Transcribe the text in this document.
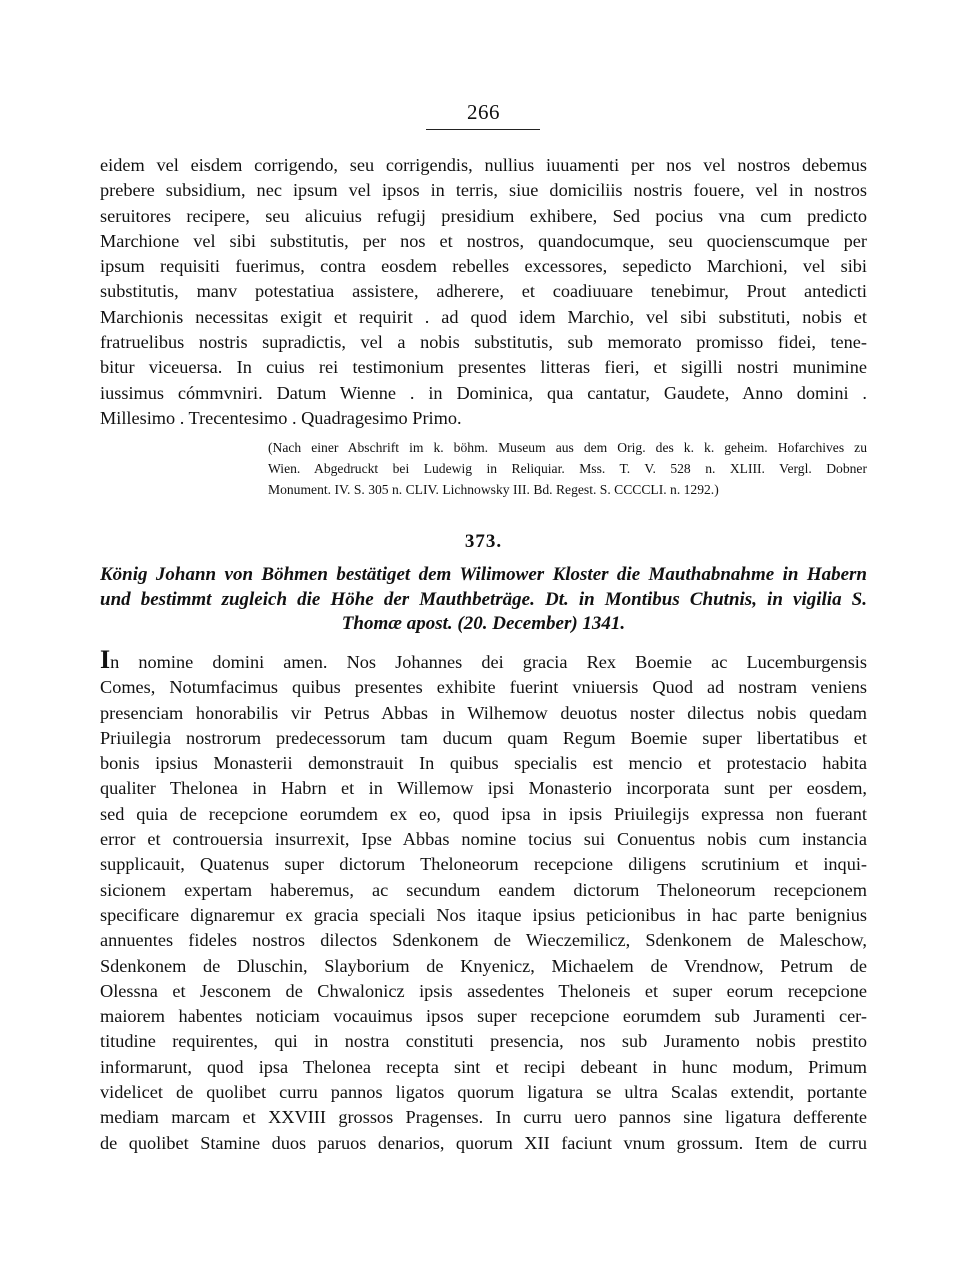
266
eidem vel eisdem corrigendo, seu corrigendis, nullius iuuamenti per nos vel nostros debemus
prebere subsidium, nec ipsum vel ipsos in terris, siue domiciliis nostris fouere, vel in nostros
seruitores recipere, seu alicuius refugij presidium exhibere, Sed pocius vna cum predicto
Marchione vel sibi substitutis, per nos et nostros, quandocumque, seu quocienscumque per
ipsum requisiti fuerimus, contra eosdem rebelles excessores, sepedicto Marchioni, vel sibi
substitutis, manv potestatiua assistere, adherere, et coadiuuare tenebimur, Prout antedicti
Marchionis necessitas exigit et requirit . ad quod idem Marchio, vel sibi substituti, nobis et
fratruelibus nostris supradictis, vel a nobis substitutis, sub memorato promisso fidei, tene-
bitur viceuersa. In cuius rei testimonium presentes litteras fieri, et sigilli nostri munimine
iussimus cómmvniri. Datum Wienne . in Dominica, qua cantatur, Gaudete, Anno domini .
Millesimo . Trecentesimo . Quadragesimo Primo.
(Nach einer Abschrift im k. böhm. Museum aus dem Orig. des k. k. geheim. Hofarchives zu
Wien. Abgedruckt bei Ludewig in Reliquiar. Mss. T. V. 528 n. XLIII. Vergl. Dobner
Monument. IV. S. 305 n. CLIV. Lichnowsky III. Bd. Regest. S. CCCCLI. n. 1292.)
373.
König Johann von Böhmen bestätiget dem Wilimower Kloster die Mauthabnahme in Habern
und bestimmt zugleich die Höhe der Mauthbeträge. Dt. in Montibus Chutnis, in vigilia S.
Thomæ apost. (20. December) 1341.
In nomine domini amen. Nos Johannes dei gracia Rex Boemie ac Lucemburgensis
Comes, Notumfacimus quibus presentes exhibite fuerint vniuersis Quod ad nostram veniens
presenciam honorabilis vir Petrus Abbas in Wilhemow deuotus noster dilectus nobis quedam
Priuilegia nostrorum predecessorum tam ducum quam Regum Boemie super libertatibus et
bonis ipsius Monasterii demonstrauit In quibus specialis est mencio et protestacio habita
qualiter Thelonea in Habrn et in Willemow ipsi Monasterio incorporata sunt per eosdem,
sed quia de recepcione eorumdem ex eo, quod ipsa in ipsis Priuilegijs expressa non fuerant
error et controuersia insurrexit, Ipse Abbas nomine tocius sui Conuentus nobis cum instancia
supplicauit, Quatenus super dictorum Theloneorum recepcione diligens scrutinium et inqui-
sicionem expertam haberemus, ac secundum eandem dictorum Theloneorum recepcionem
specificare dignaremur ex gracia speciali Nos itaque ipsius peticionibus in hac parte benignius
annuentes fideles nostros dilectos Sdenkonem de Wieczemilicz, Sdenkonem de Maleschow,
Sdenkonem de Dluschin, Slayborium de Knyenicz, Michaelem de Vrendnow, Petrum de
Olessna et Jesconem de Chwalonicz ipsis assedentes Theloneis et super eorum recepcione
maiorem habentes noticiam vocauimus ipsos super recepcione eorumdem sub Juramenti cer-
titudine requirentes, qui in nostra constituti presencia, nos sub Juramento nobis prestito
informarunt, quod ipsa Thelonea recepta sint et recipi debeant in hunc modum, Primum
videlicet de quolibet curru pannos ligatos quorum ligatura se ultra Scalas extendit, portante
mediam marcam et XXVIII grossos Pragenses. In curru uero pannos sine ligatura defferente
de quolibet Stamine duos paruos denarios, quorum XII faciunt vnum grossum. Item de curru
